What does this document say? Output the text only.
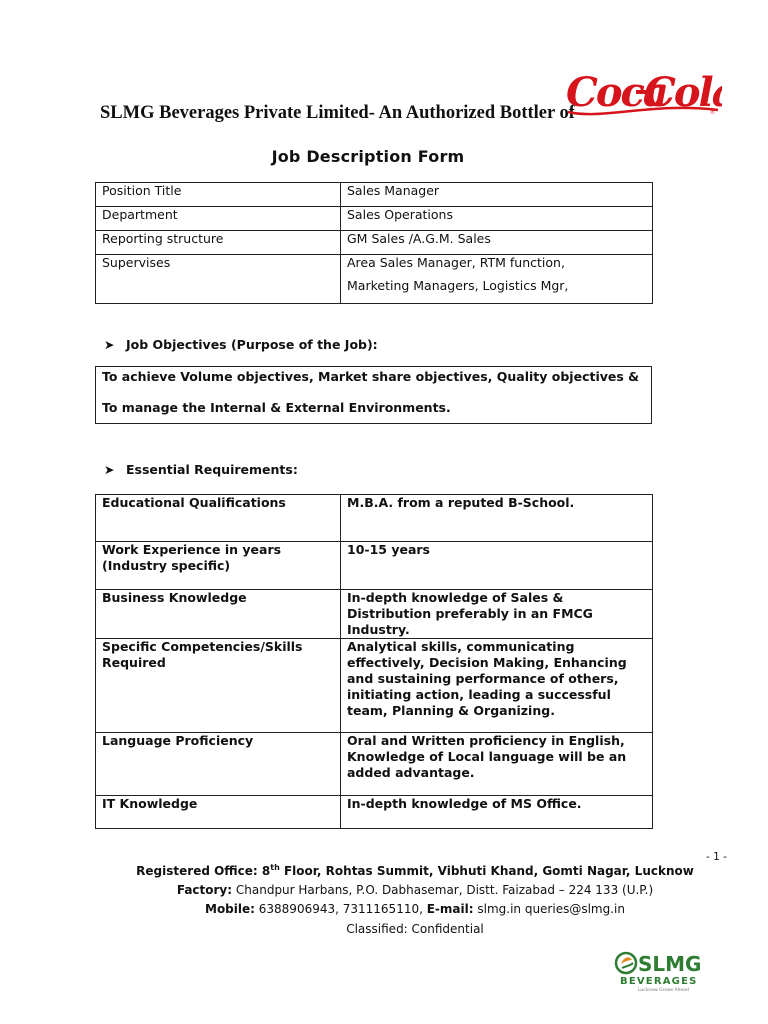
SLMG Beverages Private Limited- An Authorized Bottler of
Coca
Col
®
Job Description Form
Position Title	Sales Manager
Department	Sales Operations
Reporting structure	GM Sales /A.G.M. Sales
Supervises	Area Sales Manager, RTM function,
Marketing Managers, Logistics Mgr,
➤ Job Objectives (Purpose of the Job):
To achieve Volume objectives, Market share objectives, Quality objectives &
To manage the Internal & External Environments.
➤ Essential Requirements:
Educational Qualifications	M.B.A. from a reputed B-School.
Work Experience in years (Industry specific)	10-15 years
Business Knowledge	In-depth knowledge of Sales & Distribution preferably in an FMCG Industry.
Specific Competencies/Skills Required	Analytical skills, communicating effectively, Decision Making, Enhancing and sustaining performance of others, initiating action, leading a successful team, Planning & Organizing.
Language Proficiency	Oral and Written proficiency in English, Knowledge of Local language will be an added advantage.
IT Knowledge	In-depth knowledge of MS Office.
- 1 -
Registered Office: 8th Floor, Rohtas Summit, Vibhuti Khand, Gomti Nagar, Lucknow
Factory: Chandpur Harbans, P.O. Dabhasemar, Distt. Faizabad – 224 133 (U.P.)
Mobile: 6388906943, 7311165110, E-mail: slmg.in queries@slmg.in
Classified: Confidential
SLMG
BEVERAGES
Lucknow Grows Ahead
